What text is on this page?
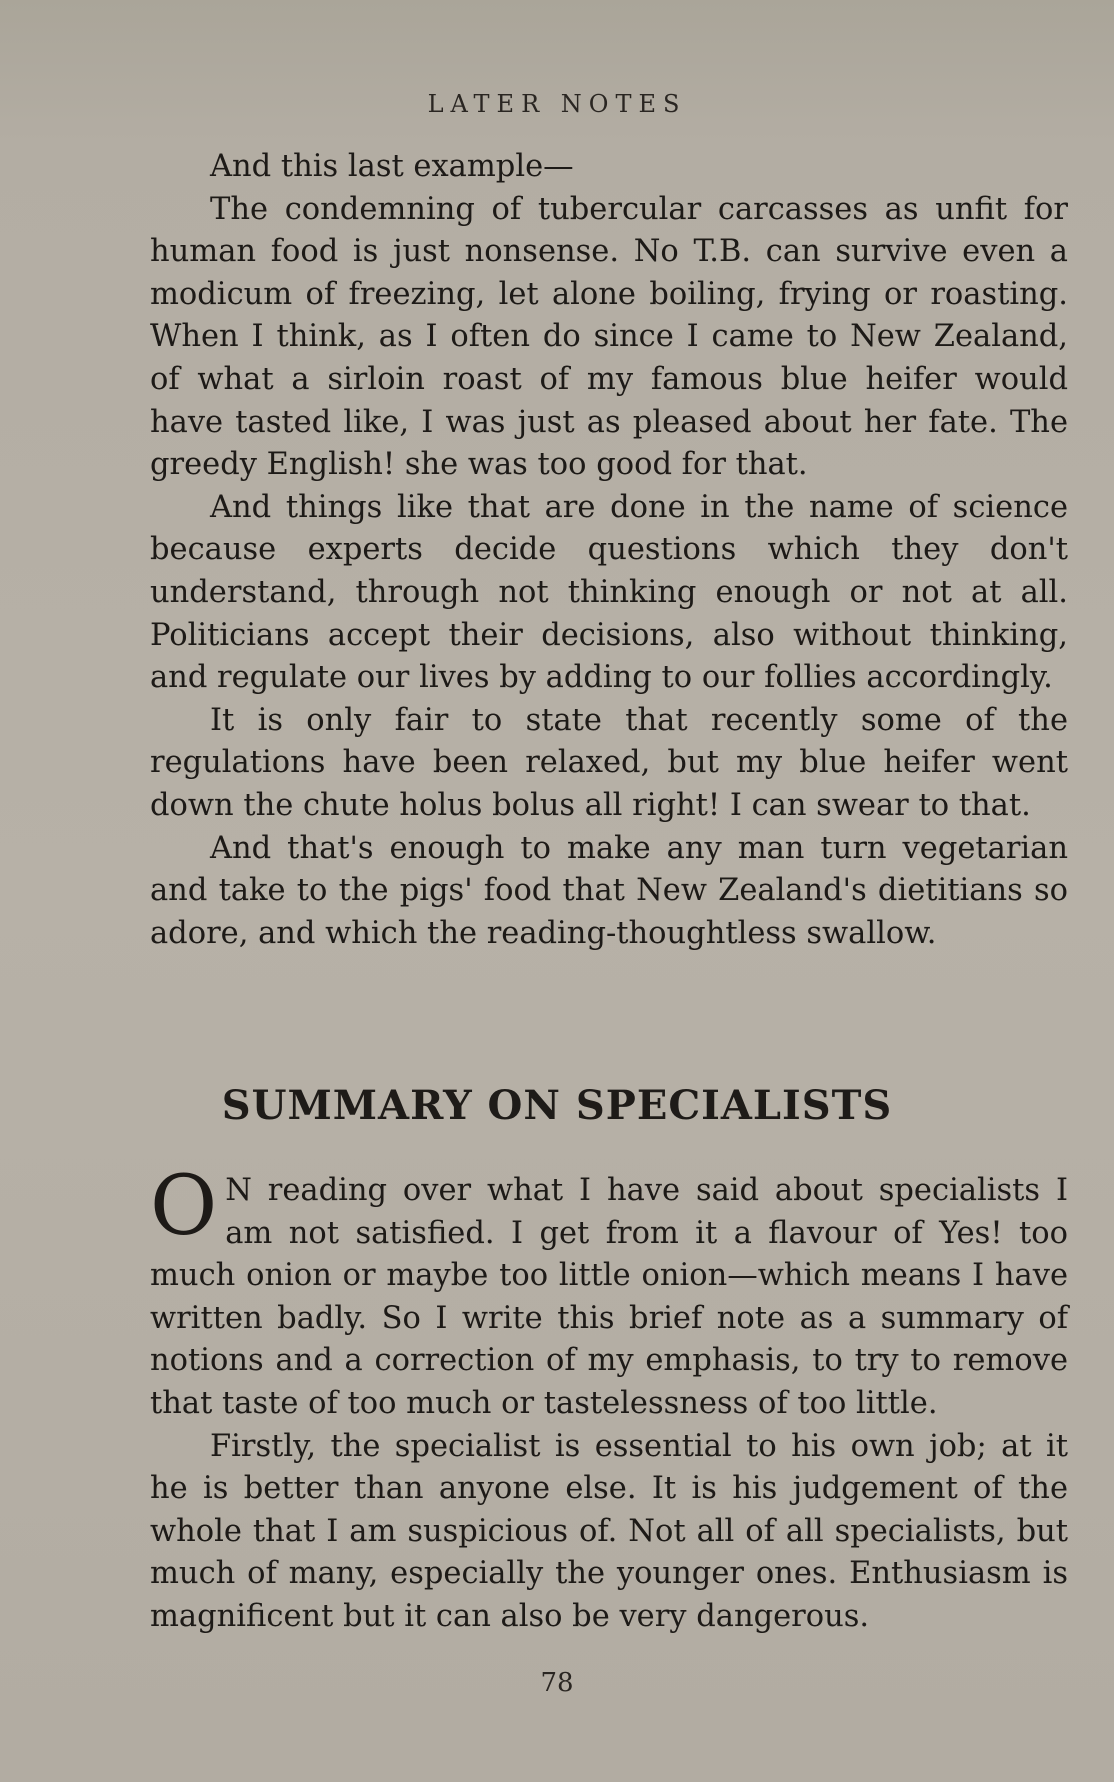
LATER NOTES

And this last example—

The condemning of tubercular carcasses as unfit for human food is just nonsense. No T.B. can survive even a modicum of freezing, let alone boiling, frying or roasting. When I think, as I often do since I came to New Zealand, of what a sirloin roast of my famous blue heifer would have tasted like, I was just as pleased about her fate. The greedy English! she was too good for that.

And things like that are done in the name of science because experts decide questions which they don't understand, through not thinking enough or not at all. Politicians accept their decisions, also without thinking, and regulate our lives by adding to our follies accordingly.

It is only fair to state that recently some of the regulations have been relaxed, but my blue heifer went down the chute holus bolus all right! I can swear to that.

And that's enough to make any man turn vegetarian and take to the pigs' food that New Zealand's dietitians so adore, and which the reading-thoughtless swallow.

SUMMARY ON SPECIALISTS

O N reading over what I have said about specialists I am not satisfied. I get from it a flavour of Yes! too much onion or maybe too little onion—which means I have written badly. So I write this brief note as a summary of notions and a correction of my emphasis, to try to remove that taste of too much or tastelessness of too little.

Firstly, the specialist is essential to his own job; at it he is better than anyone else. It is his judgement of the whole that I am suspicious of. Not all of all specialists, but much of many, especially the younger ones. Enthusiasm is magnificent but it can also be very dangerous.

78
